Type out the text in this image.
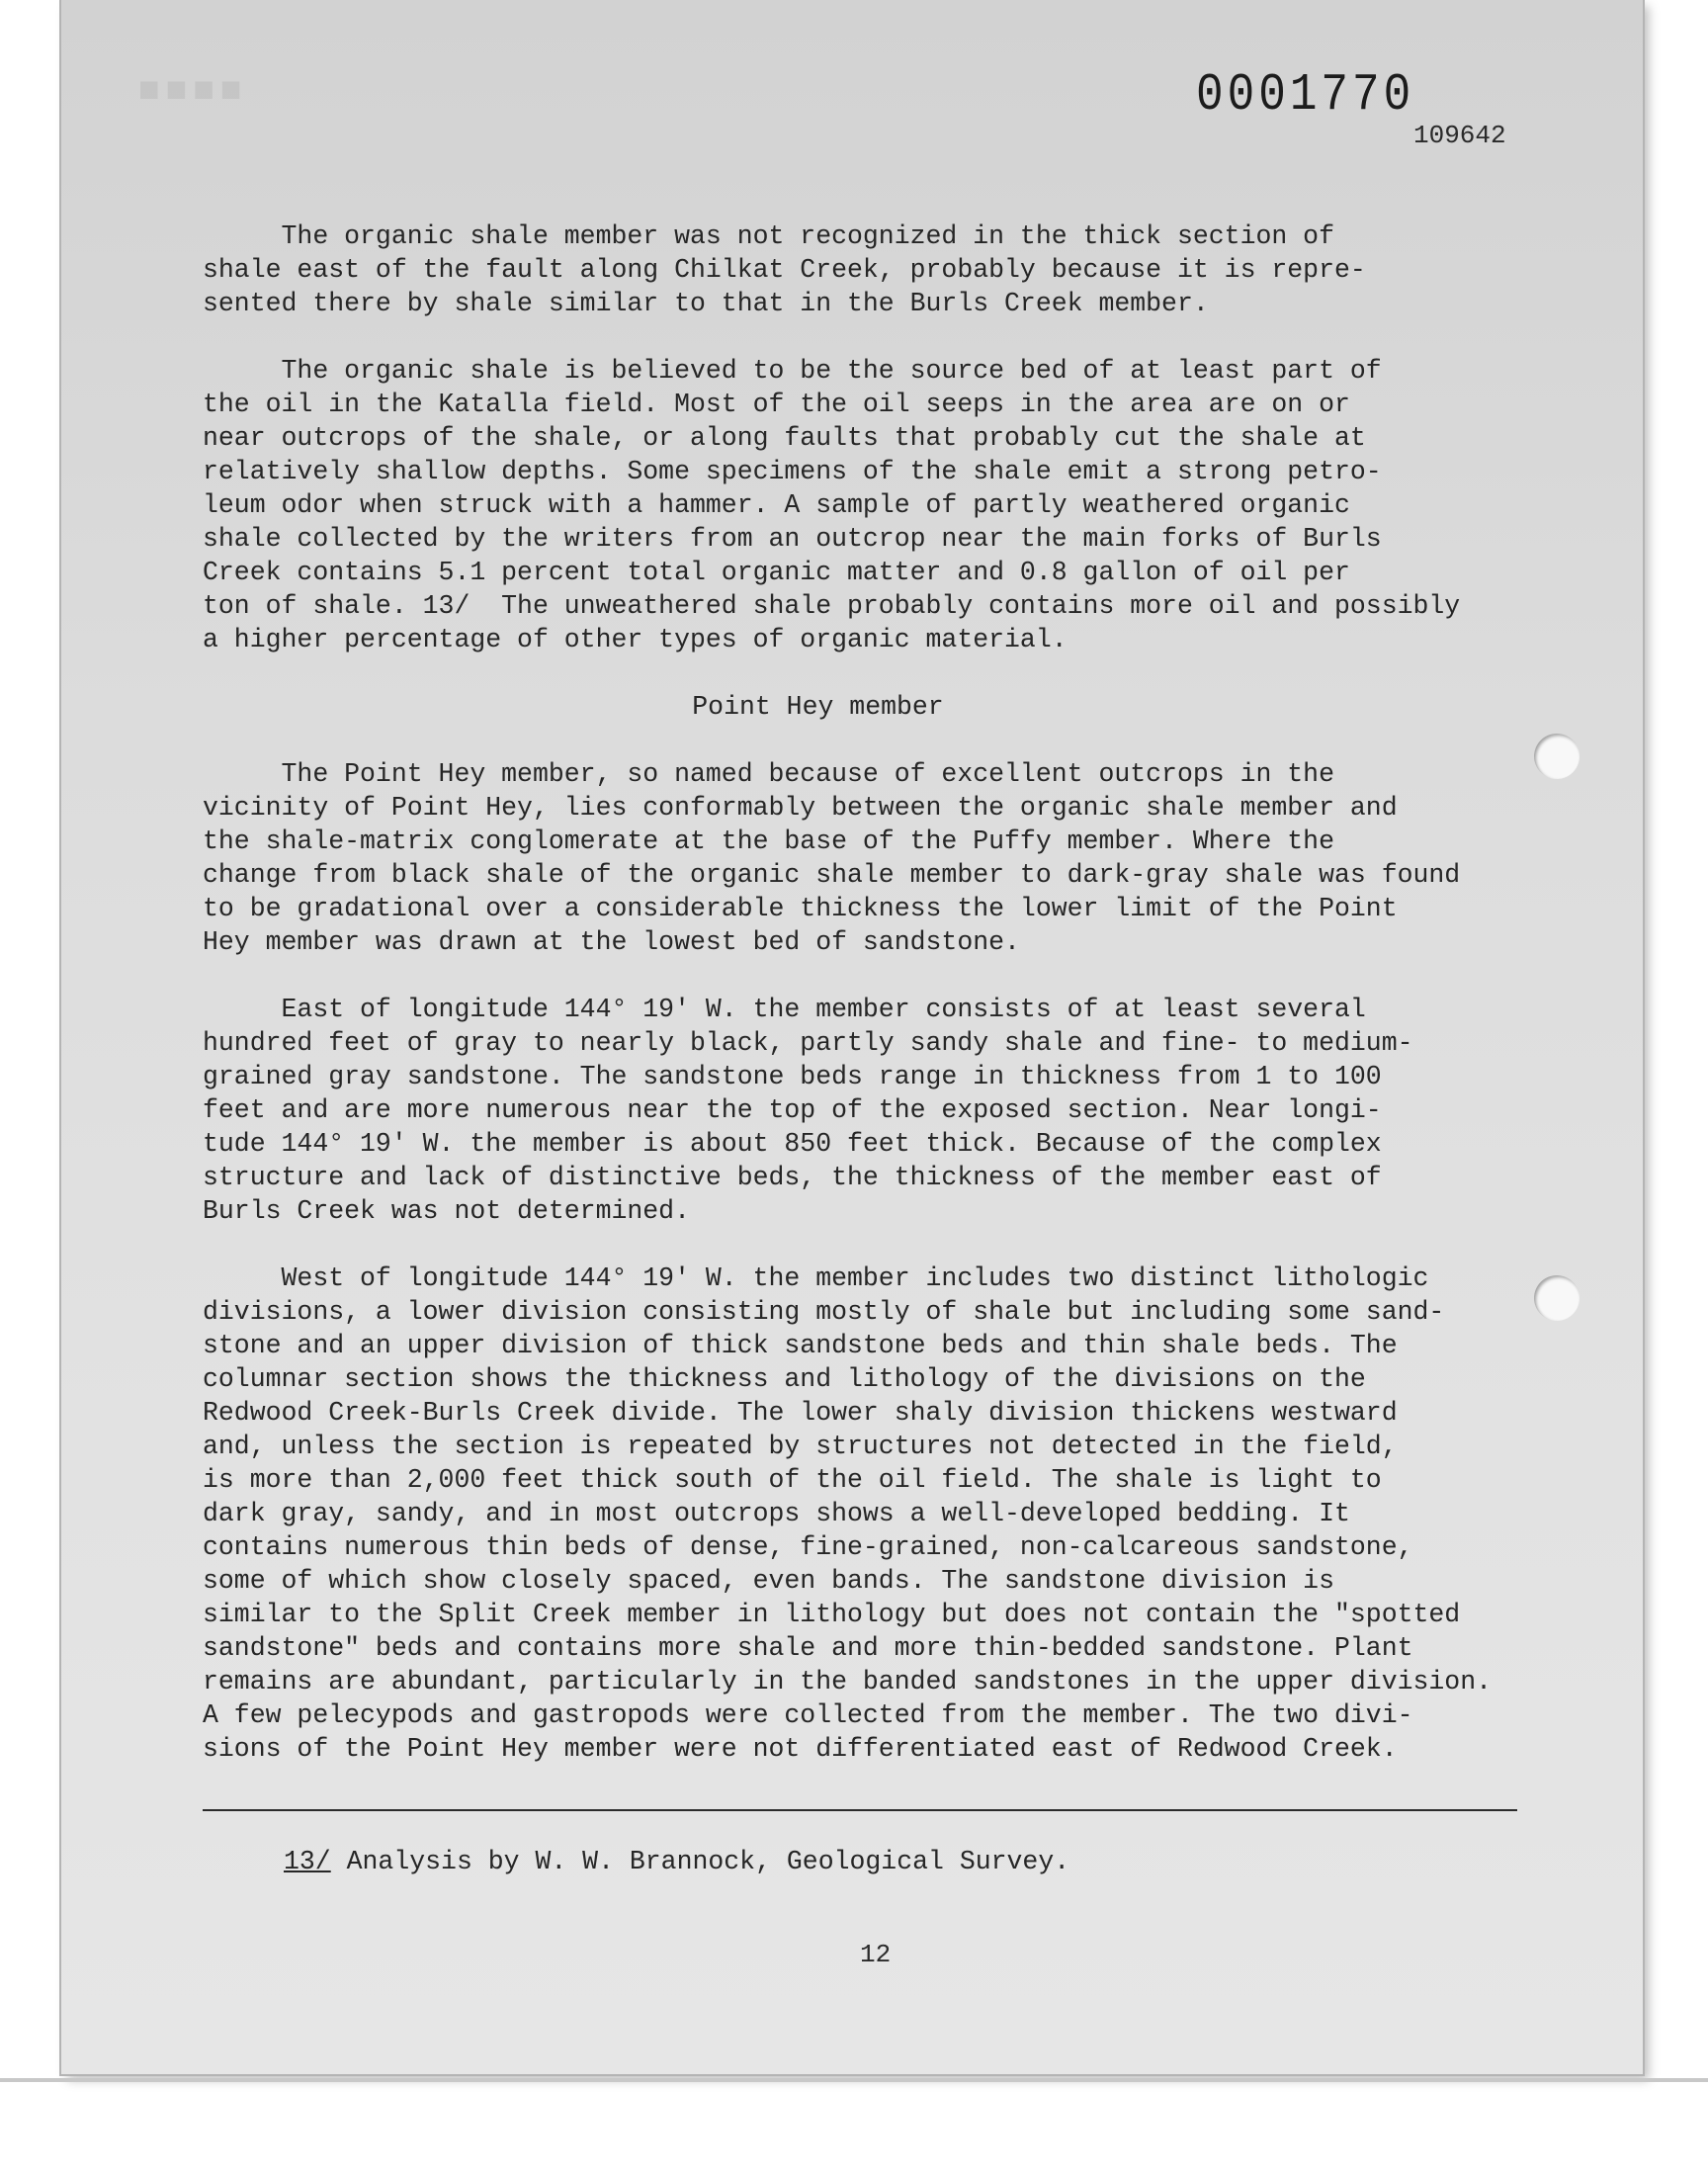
■■■■	0001770
109642

The organic shale member was not recognized in the thick section of
shale east of the fault along Chilkat Creek, probably because it is repre-
sented there by shale similar to that in the Burls Creek member.

The organic shale is believed to be the source bed of at least part of
the oil in the Katalla field. Most of the oil seeps in the area are on or
near outcrops of the shale, or along faults that probably cut the shale at
relatively shallow depths. Some specimens of the shale emit a strong petro-
leum odor when struck with a hammer. A sample of partly weathered organic
shale collected by the writers from an outcrop near the main forks of Burls
Creek contains 5.1 percent total organic matter and 0.8 gallon of oil per
ton of shale. 13/  The unweathered shale probably contains more oil and possibly
a higher percentage of other types of organic material.

Point Hey member

The Point Hey member, so named because of excellent outcrops in the
vicinity of Point Hey, lies conformably between the organic shale member and
the shale-matrix conglomerate at the base of the Puffy member. Where the
change from black shale of the organic shale member to dark-gray shale was found
to be gradational over a considerable thickness the lower limit of the Point
Hey member was drawn at the lowest bed of sandstone.

East of longitude 144° 19' W. the member consists of at least several
hundred feet of gray to nearly black, partly sandy shale and fine- to medium-
grained gray sandstone. The sandstone beds range in thickness from 1 to 100
feet and are more numerous near the top of the exposed section. Near longi-
tude 144° 19' W. the member is about 850 feet thick. Because of the complex
structure and lack of distinctive beds, the thickness of the member east of
Burls Creek was not determined.

West of longitude 144° 19' W. the member includes two distinct lithologic
divisions, a lower division consisting mostly of shale but including some sand-
stone and an upper division of thick sandstone beds and thin shale beds. The
columnar section shows the thickness and lithology of the divisions on the
Redwood Creek-Burls Creek divide. The lower shaly division thickens westward
and, unless the section is repeated by structures not detected in the field,
is more than 2,000 feet thick south of the oil field. The shale is light to
dark gray, sandy, and in most outcrops shows a well-developed bedding. It
contains numerous thin beds of dense, fine-grained, non-calcareous sandstone,
some of which show closely spaced, even bands. The sandstone division is
similar to the Split Creek member in lithology but does not contain the "spotted
sandstone" beds and contains more shale and more thin-bedded sandstone. Plant
remains are abundant, particularly in the banded sandstones in the upper division.
A few pelecypods and gastropods were collected from the member. The two divi-
sions of the Point Hey member were not differentiated east of Redwood Creek.

13/ Analysis by W. W. Brannock, Geological Survey.
12
